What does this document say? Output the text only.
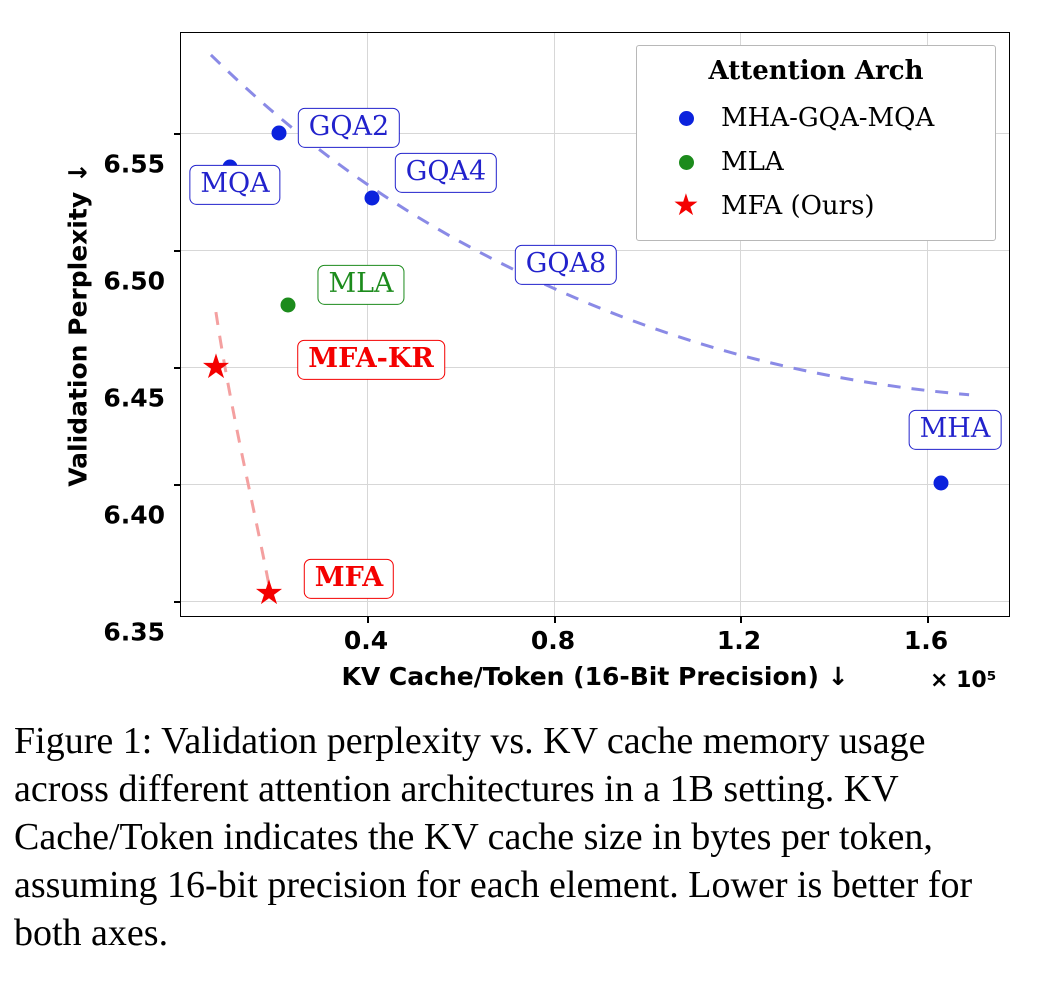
Validation Perplexity ↓
KV Cache/Token (16-Bit Precision) ↓	× 10⁵
6.35
6.40
6.45
6.50
6.55
0.4	0.8	1.2	1.6
★
★
GQA2
MQA	GQA4
GQA8
MLA
MFA-KR
MFA
MHA
Attention Arch
MHA-GQA-MQA
MLA
★ MFA (Ours)
Figure 1: Validation perplexity vs. KV cache memory usage across different attention architectures in a 1B setting. KV Cache/Token indicates the KV cache size in bytes per token, assuming 16-bit precision for each element. Lower is better for both axes.
